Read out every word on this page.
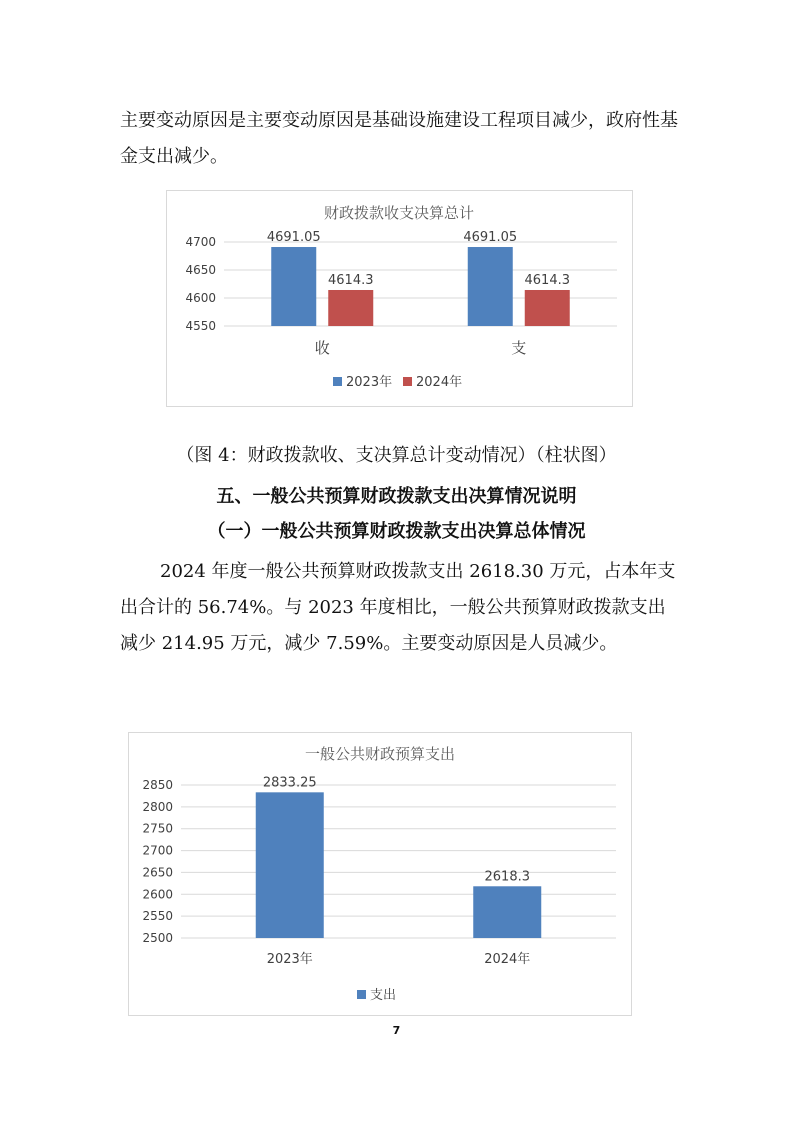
主要变动原因是主要变动原因是基础设施建设工程项目减少，政府性基金支出减少。

财政拨款收支决算总计
4550
4600
4650
4700	4691.05
4614.3
收
4691.05
4614.3
支
2023年 2024年

（图 4：财政拨款收、支决算总计变动情况）（柱状图）

五、一般公共预算财政拨款支出决算情况说明

（一）一般公共预算财政拨款支出决算总体情况

2024 年度一般公共预算财政拨款支出 2618.30 万元，占本年支出合计的 56.74%。与 2023 年度相比，一般公共预算财政拨款支出减少 214.95 万元，减少 7.59%。主要变动原因是人员减少。

一般公共财政预算支出
2500
2550
2600
2650
2700
2750
2800
2850	2833.25
2023年
2618.3
2024年
支出
7
